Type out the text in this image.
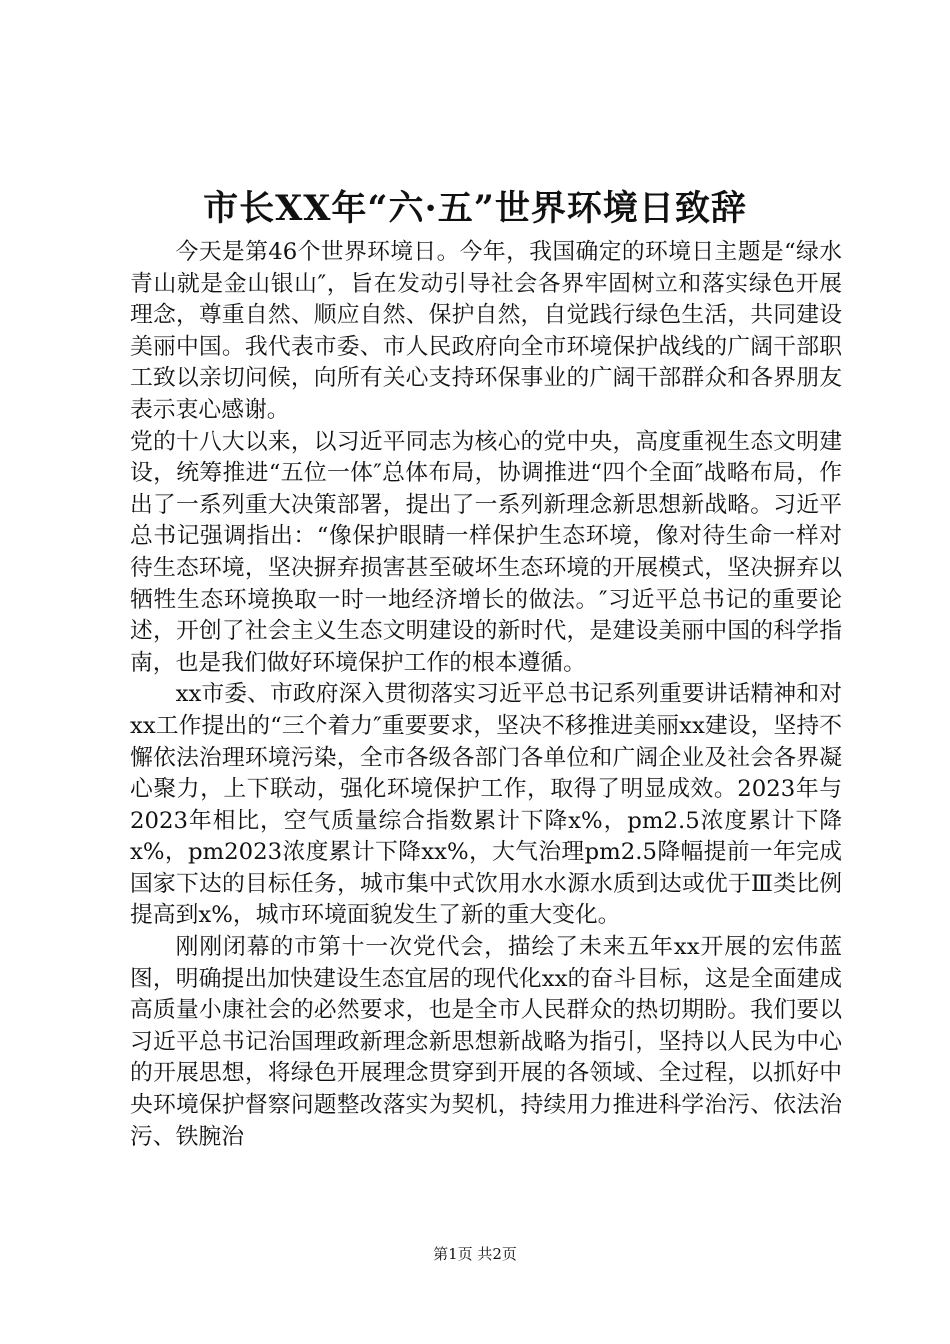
市长XX年“六·五”世界环境日致辞

今天是第46个世界环境日。今年，我国确定的环境日主题是“绿水青山就是金山银山″，旨在发动引导社会各界牢固树立和落实绿色开展理念，尊重自然、顺应自然、保护自然，自觉践行绿色生活，共同建设美丽中国。我代表市委、市人民政府向全市环境保护战线的广阔干部职工致以亲切问候，向所有关心支持环保事业的广阔干部群众和各界朋友表示衷心感谢。

党的十八大以来，以习近平同志为核心的党中央，高度重视生态文明建设，统筹推进“五位一体″总体布局，协调推进“四个全面″战略布局，作出了一系列重大决策部署，提出了一系列新理念新思想新战略。习近平总书记强调指出：“像保护眼睛一样保护生态环境，像对待生命一样对待生态环境，坚决摒弃损害甚至破坏生态环境的开展模式，坚决摒弃以牺牲生态环境换取一时一地经济增长的做法。″习近平总书记的重要论述，开创了社会主义生态文明建设的新时代，是建设美丽中国的科学指南，也是我们做好环境保护工作的根本遵循。

xx市委、市政府深入贯彻落实习近平总书记系列重要讲话精神和对xx工作提出的“三个着力″重要要求，坚决不移推进美丽xx建设，坚持不懈依法治理环境污染，全市各级各部门各单位和广阔企业及社会各界凝心聚力，上下联动，强化环境保护工作，取得了明显成效。2023年与2023年相比，空气质量综合指数累计下降x%，pm2.5浓度累计下降x%，pm2023浓度累计下降xx%，大气治理pm2.5降幅提前一年完成国家下达的目标任务，城市集中式饮用水水源水质到达或优于Ⅲ类比例提高到x%，城市环境面貌发生了新的重大变化。

刚刚闭幕的市第十一次党代会，描绘了未来五年xx开展的宏伟蓝图，明确提出加快建设生态宜居的现代化xx的奋斗目标，这是全面建成高质量小康社会的必然要求，也是全市人民群众的热切期盼。我们要以习近平总书记治国理政新理念新思想新战略为指引，坚持以人民为中心的开展思想，将绿色开展理念贯穿到开展的各领域、全过程，以抓好中央环境保护督察问题整改落实为契机，持续用力推进科学治污、依法治污、铁腕治

第1页 共2页
